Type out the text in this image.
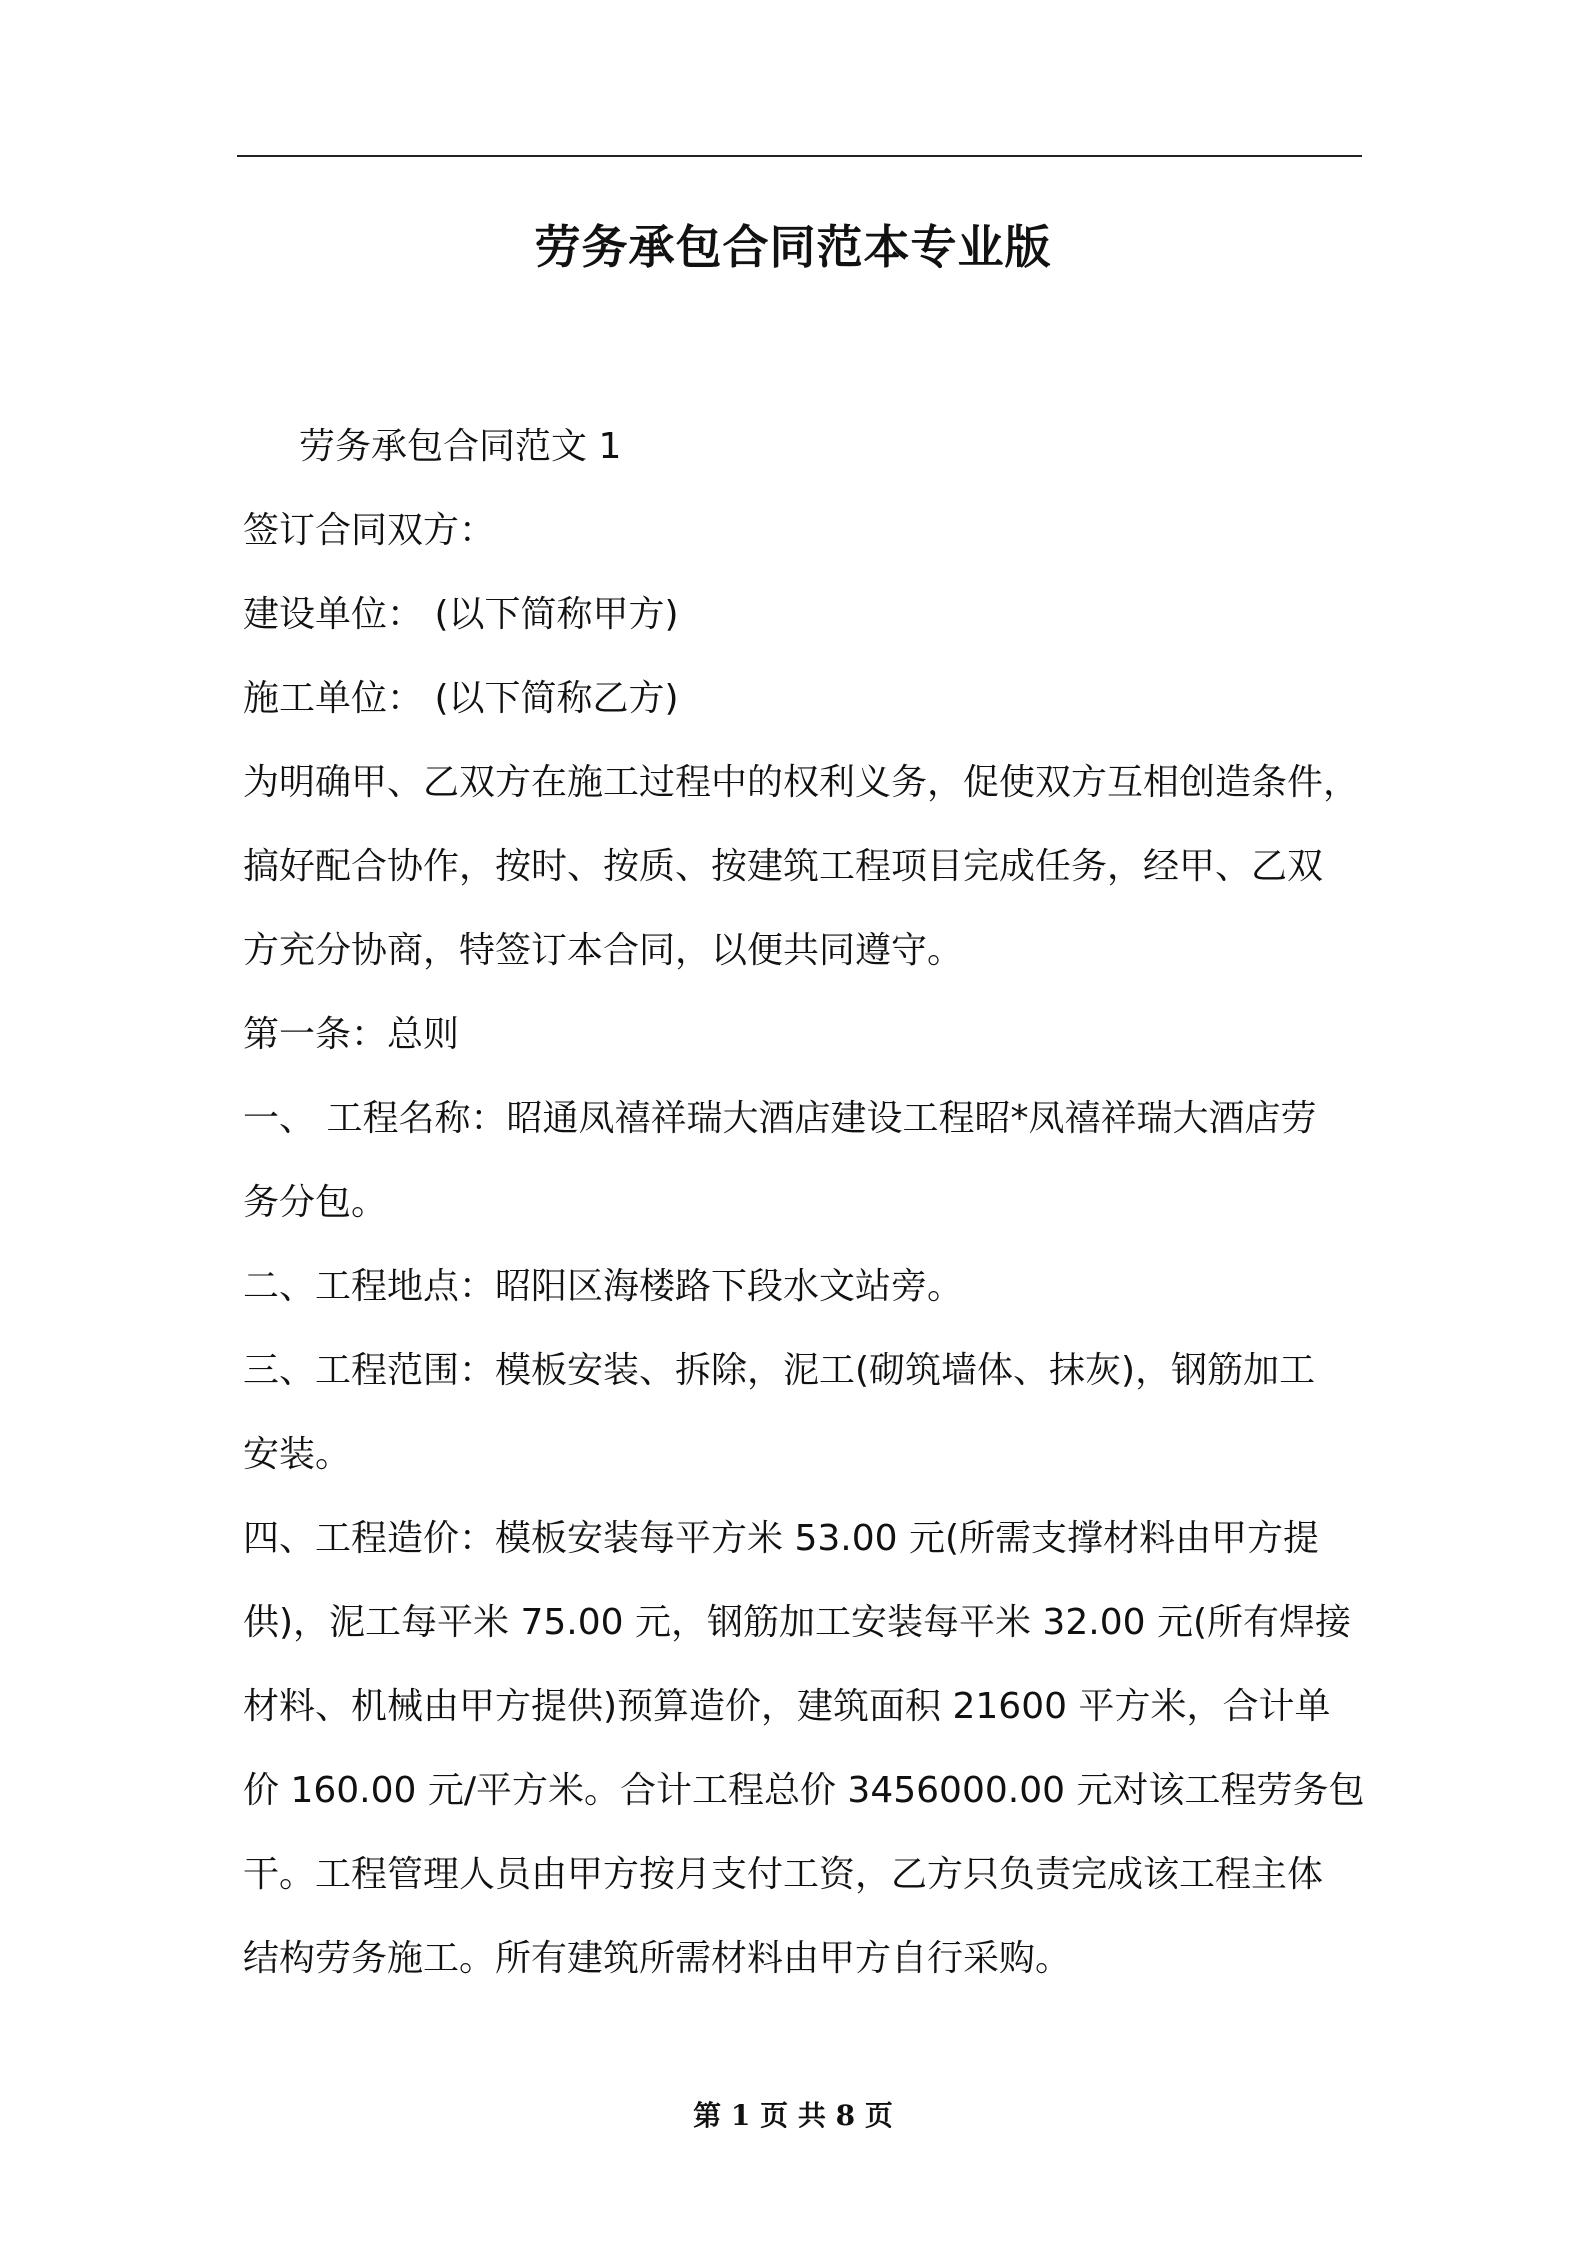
劳务承包合同范本专业版
劳务承包合同范文 1
签订合同双方：
建设单位： (以下简称甲方)
施工单位： (以下简称乙方)
为明确甲、乙双方在施工过程中的权利义务，促使双方互相创造条件，
搞好配合协作，按时、按质、按建筑工程项目完成任务，经甲、乙双
方充分协商，特签订本合同，以便共同遵守。
第一条：总则
一、 工程名称：昭通凤禧祥瑞大酒店建设工程昭*凤禧祥瑞大酒店劳
务分包。
二、工程地点：昭阳区海楼路下段水文站旁。
三、工程范围：模板安装、拆除，泥工(砌筑墙体、抹灰)，钢筋加工
安装。
四、工程造价：模板安装每平方米 53.00 元(所需支撑材料由甲方提
供)，泥工每平米 75.00 元，钢筋加工安装每平米 32.00 元(所有焊接
材料、机械由甲方提供)预算造价，建筑面积 21600 平方米，合计单
价 160.00 元/平方米。合计工程总价 3456000.00 元对该工程劳务包
干。工程管理人员由甲方按月支付工资，乙方只负责完成该工程主体
结构劳务施工。所有建筑所需材料由甲方自行采购。
第 1 页 共 8 页
